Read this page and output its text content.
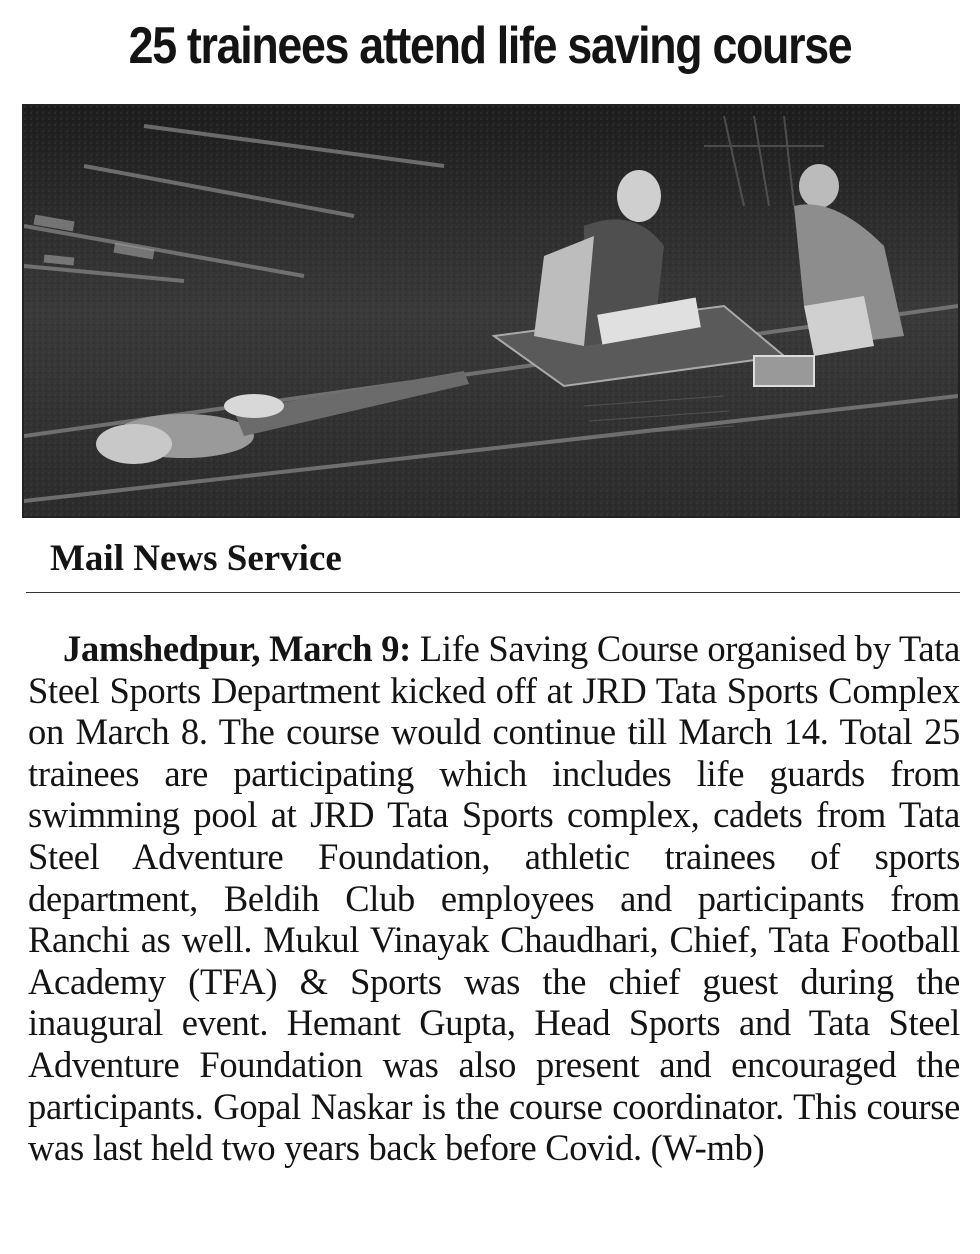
25 trainees attend life saving course

Mail News Service

Jamshedpur, March 9: Life Saving Course organised by Tata Steel Sports Department kicked off at JRD Tata Sports Complex on March 8. The course would continue till March 14. Total 25 trainees are participating which includes life guards from swimming pool at JRD Tata Sports complex, cadets from Tata Steel Adventure Foundation, athletic trainees of sports department, Beldih Club employees and participants from Ranchi as well. Mukul Vinayak Chaudhari, Chief, Tata Football Academy (TFA) & Sports was the chief guest during the inaugural event. Hemant Gupta, Head Sports and Tata Steel Adventure Foundation was also present and encouraged the participants. Gopal Naskar is the course coordinator. This course was last held two years back before Covid. (W-mb)
